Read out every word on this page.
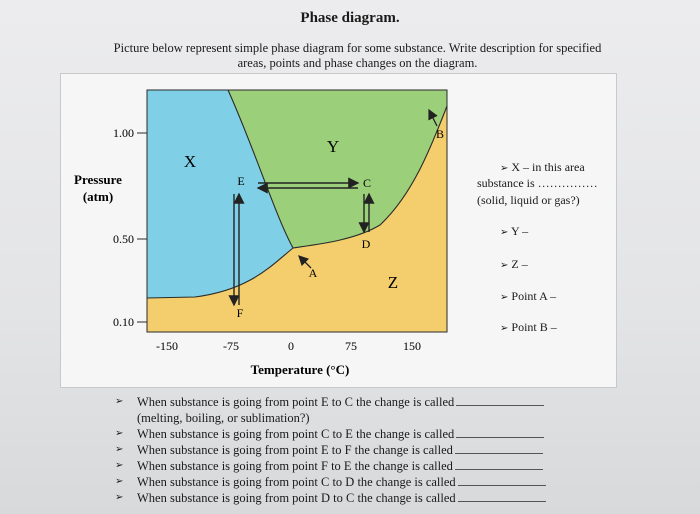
Phase diagram.
Picture below represent simple phase diagram for some substance. Write description for specified areas, points and phase changes on the diagram.
1.00
0.50
0.10
-150	-75	0	75	150
Pressure
(atm)
Temperature (°C)
X
Y
Z
A
B
C
D
E
F
➢ X – in this area
substance is ……………
(solid, liquid or gas?)
➢ Y –
➢ Z –
➢ Point A –
➢ Point B –
➢ When substance is going from point E to C the change is called
(melting, boiling, or sublimation?)
➢ When substance is going from point C to E the change is called
➢ When substance is going from point E to F the change is called
➢ When substance is going from point F to E the change is called
➢ When substance is going from point C to D the change is called
➢ When substance is going from point D to C the change is called
